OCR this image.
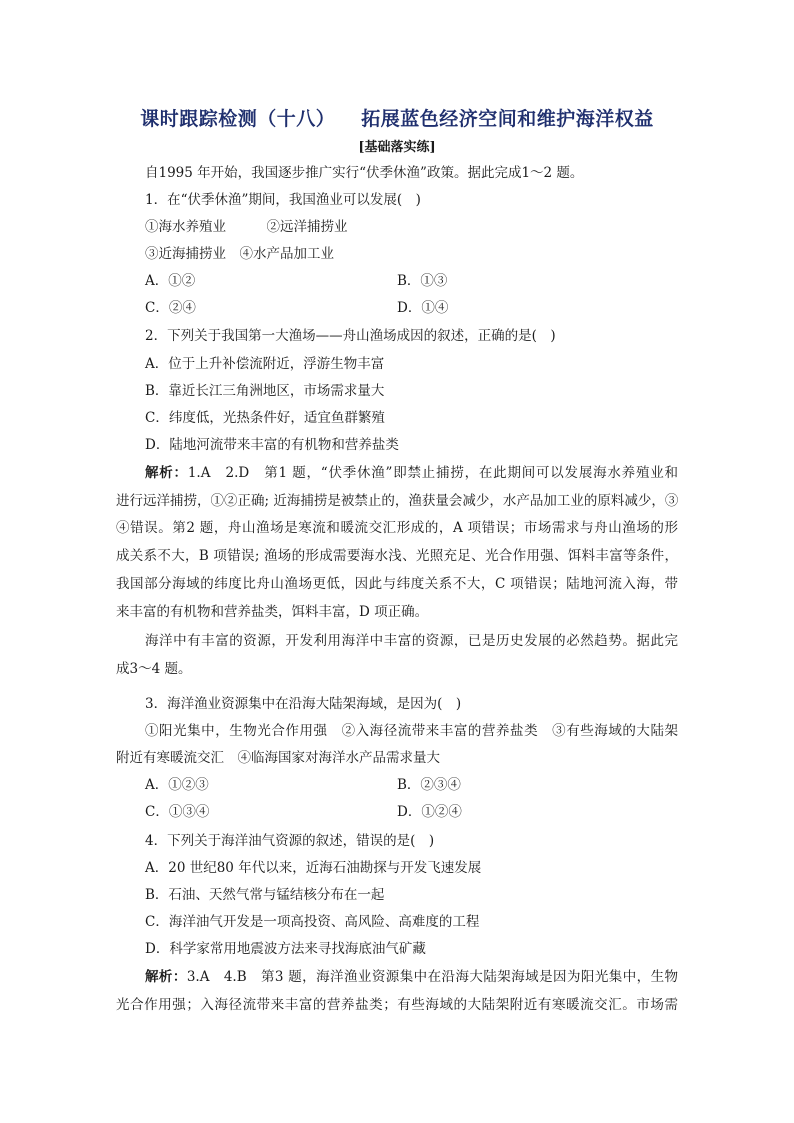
课时跟踪检测（十八） 拓展蓝色经济空间和维护海洋权益
[基础落实练]
自1995 年开始，我国逐步推广实行“伏季休渔”政策。据此完成1～2 题。
1．在“伏季休渔”期间，我国渔业可以发展(　)
①海水养殖业　　　②远洋捕捞业
③近海捕捞业　④水产品加工业
A．①②	B．①③
C．②④	D．①④
2．下列关于我国第一大渔场——舟山渔场成因的叙述，正确的是(　)
A．位于上升补偿流附近，浮游生物丰富
B．靠近长江三角洲地区，市场需求量大
C．纬度低，光热条件好，适宜鱼群繁殖
D．陆地河流带来丰富的有机物和营养盐类
解析：1.A　2.D　第1 题，“伏季休渔”即禁止捕捞，在此期间可以发展海水养殖业和
进行远洋捕捞，①②正确; 近海捕捞是被禁止的，渔获量会减少，水产品加工业的原料减少，③
④错误。第2 题，舟山渔场是寒流和暖流交汇形成的，A 项错误；市场需求与舟山渔场的形
成关系不大，B 项错误; 渔场的形成需要海水浅、光照充足、光合作用强、饵料丰富等条件，
我国部分海域的纬度比舟山渔场更低，因此与纬度关系不大，C 项错误；陆地河流入海，带
来丰富的有机物和营养盐类，饵料丰富，D 项正确。
海洋中有丰富的资源，开发利用海洋中丰富的资源，已是历史发展的必然趋势。据此完
成3～4 题。
3．海洋渔业资源集中在沿海大陆架海域，是因为(　)
①阳光集中，生物光合作用强　②入海径流带来丰富的营养盐类　③有些海域的大陆架
附近有寒暖流交汇　④临海国家对海洋水产品需求量大
A．①②③	B．②③④
C．①③④	D．①②④
4．下列关于海洋油气资源的叙述，错误的是(　)
A．20 世纪80 年代以来，近海石油勘探与开发飞速发展
B．石油、天然气常与锰结核分布在一起
C．海洋油气开发是一项高投资、高风险、高难度的工程
D．科学家常用地震波方法来寻找海底油气矿藏
解析：3.A　4.B　第3 题，海洋渔业资源集中在沿海大陆架海域是因为阳光集中，生物
光合作用强；入海径流带来丰富的营养盐类；有些海域的大陆架附近有寒暖流交汇。市场需
